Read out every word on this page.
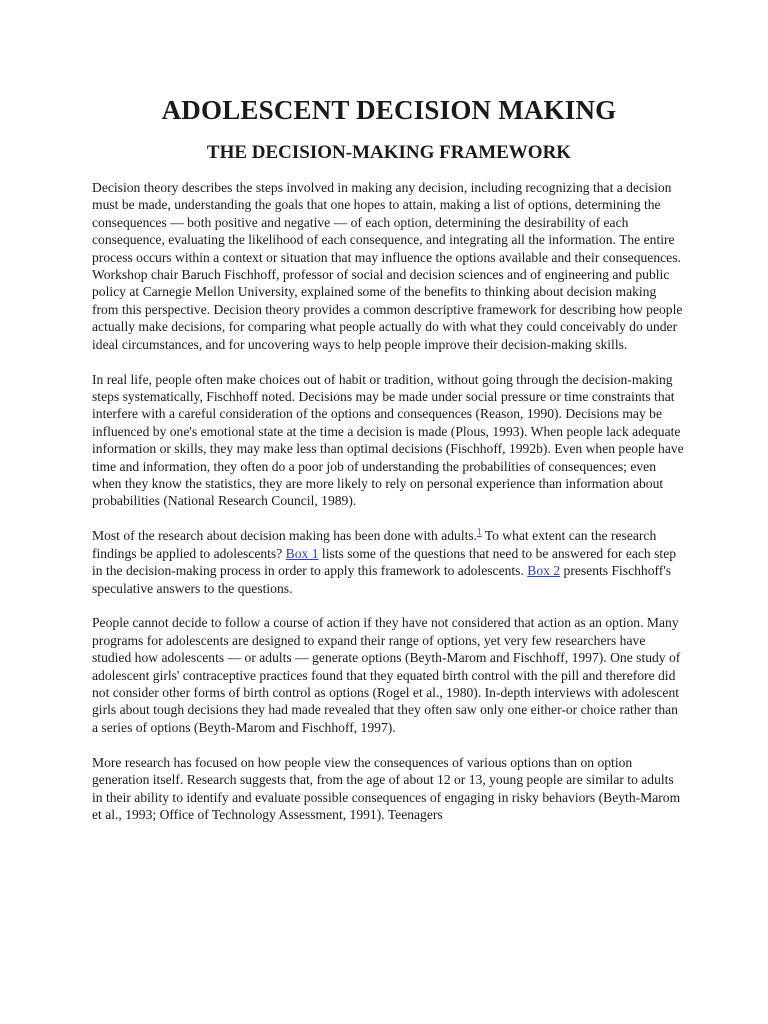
ADOLESCENT DECISION MAKING
THE DECISION-MAKING FRAMEWORK

Decision theory describes the steps involved in making any decision, including recognizing that a decision must be made, understanding the goals that one hopes to attain, making a list of options, determining the consequences — both positive and negative — of each option, determining the desirability of each consequence, evaluating the likelihood of each consequence, and integrating all the information. The entire process occurs within a context or situation that may influence the options available and their consequences. Workshop chair Baruch Fischhoff, professor of social and decision sciences and of engineering and public policy at Carnegie Mellon University, explained some of the benefits to thinking about decision making from this perspective. Decision theory provides a common descriptive framework for describing how people actually make decisions, for comparing what people actually do with what they could conceivably do under ideal circumstances, and for uncovering ways to help people improve their decision-making skills.

In real life, people often make choices out of habit or tradition, without going through the decision-making steps systematically, Fischhoff noted. Decisions may be made under social pressure or time constraints that interfere with a careful consideration of the options and consequences (Reason, 1990). Decisions may be influenced by one's emotional state at the time a decision is made (Plous, 1993). When people lack adequate information or skills, they may make less than optimal decisions (Fischhoff, 1992b). Even when people have time and information, they often do a poor job of understanding the probabilities of consequences; even when they know the statistics, they are more likely to rely on personal experience than information about probabilities (National Research Council, 1989).

Most of the research about decision making has been done with adults.$^1$ To what extent can the research findings be applied to adolescents? Box 1 lists some of the questions that need to be answered for each step in the decision-making process in order to apply this framework to adolescents. Box 2 presents Fischhoff's speculative answers to the questions.

People cannot decide to follow a course of action if they have not considered that action as an option. Many programs for adolescents are designed to expand their range of options, yet very few researchers have studied how adolescents — or adults — generate options (Beyth-Marom and Fischhoff, 1997). One study of adolescent girls' contraceptive practices found that they equated birth control with the pill and therefore did not consider other forms of birth control as options (Rogel et al., 1980). In-depth interviews with adolescent girls about tough decisions they had made revealed that they often saw only one either-or choice rather than a series of options (Beyth-Marom and Fischhoff, 1997).

More research has focused on how people view the consequences of various options than on option generation itself. Research suggests that, from the age of about 12 or 13, young people are similar to adults in their ability to identify and evaluate possible consequences of engaging in risky behaviors (Beyth-Marom et al., 1993; Office of Technology Assessment, 1991). Teenagers
